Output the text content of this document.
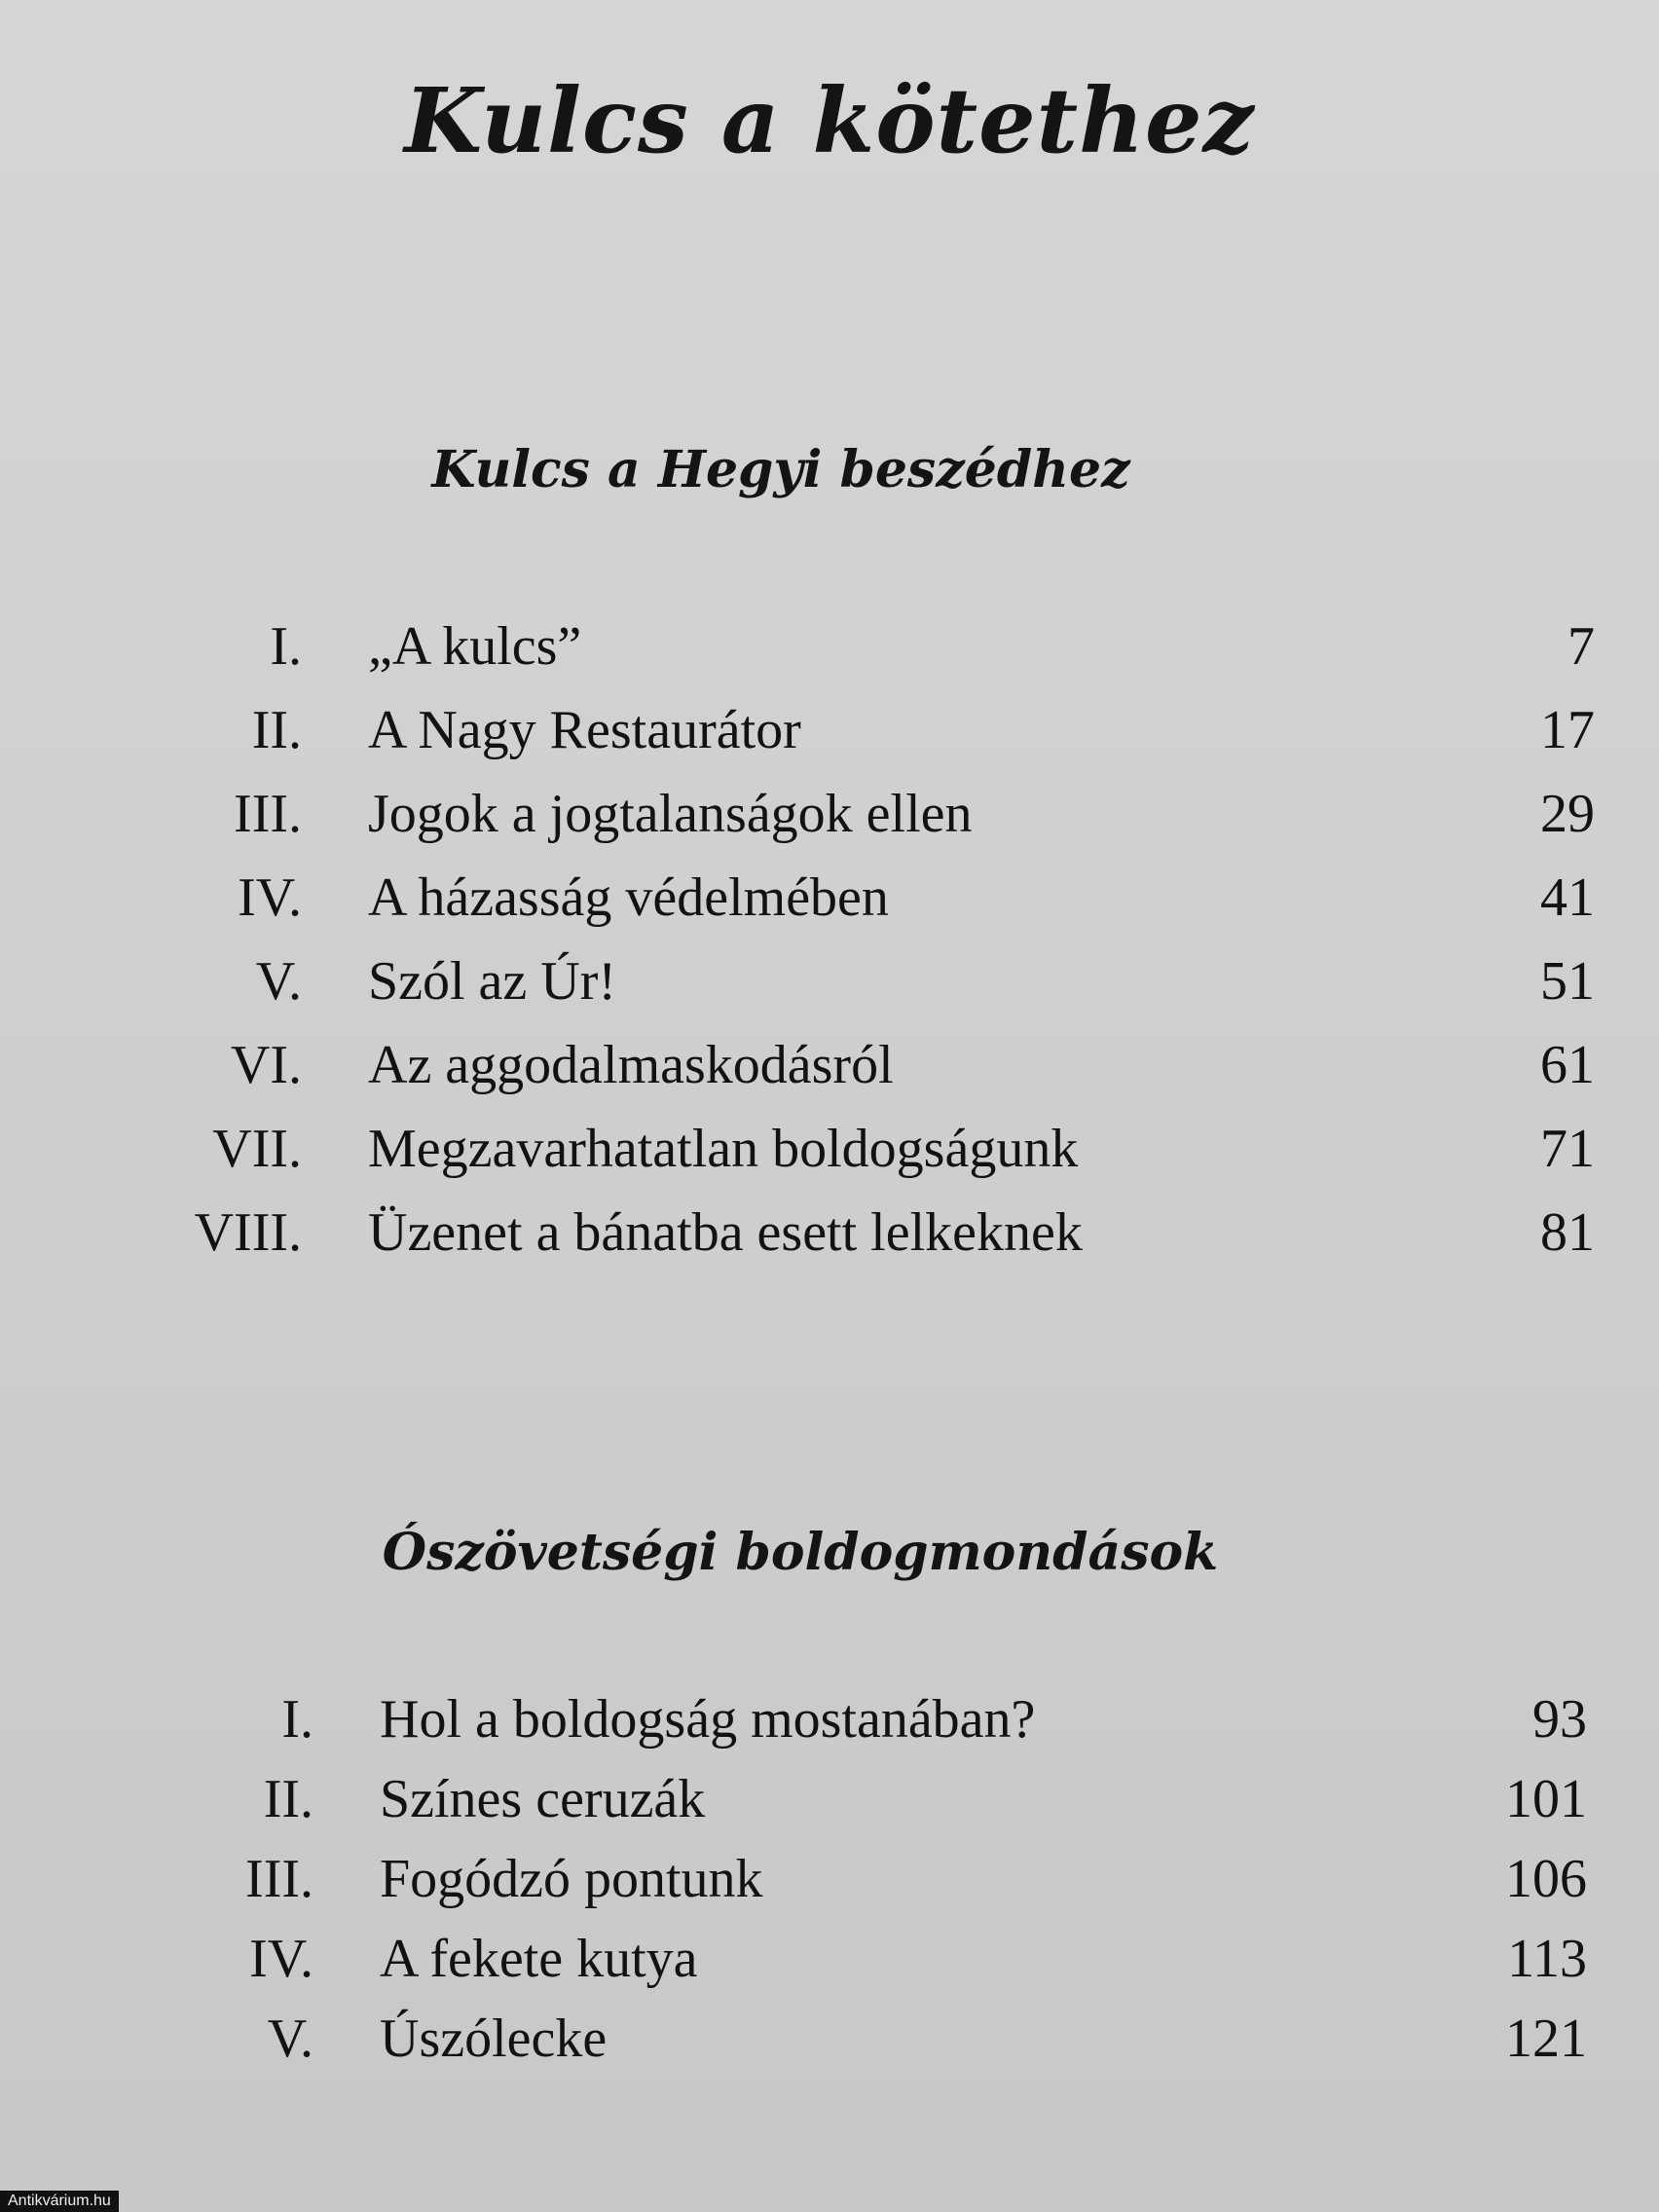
Kulcs a kötethez
Kulcs a Hegyi beszédhez
I. „A kulcs”	7
II. A Nagy Restaurátor	17
III. Jogok a jogtalanságok ellen	29
IV. A házasság védelmében	41
V. Szól az Úr!	51
VI. Az aggodalmaskodásról	61
VII. Megzavarhatatlan boldogságunk	71
VIII. Üzenet a bánatba esett lelkeknek	81
Ószövetségi boldogmondások
I. Hol a boldogság mostanában?	93
II. Színes ceruzák	101
III. Fogódzó pontunk	106
IV. A fekete kutya	113
V. Úszólecke	121
Antikvárium.hu
